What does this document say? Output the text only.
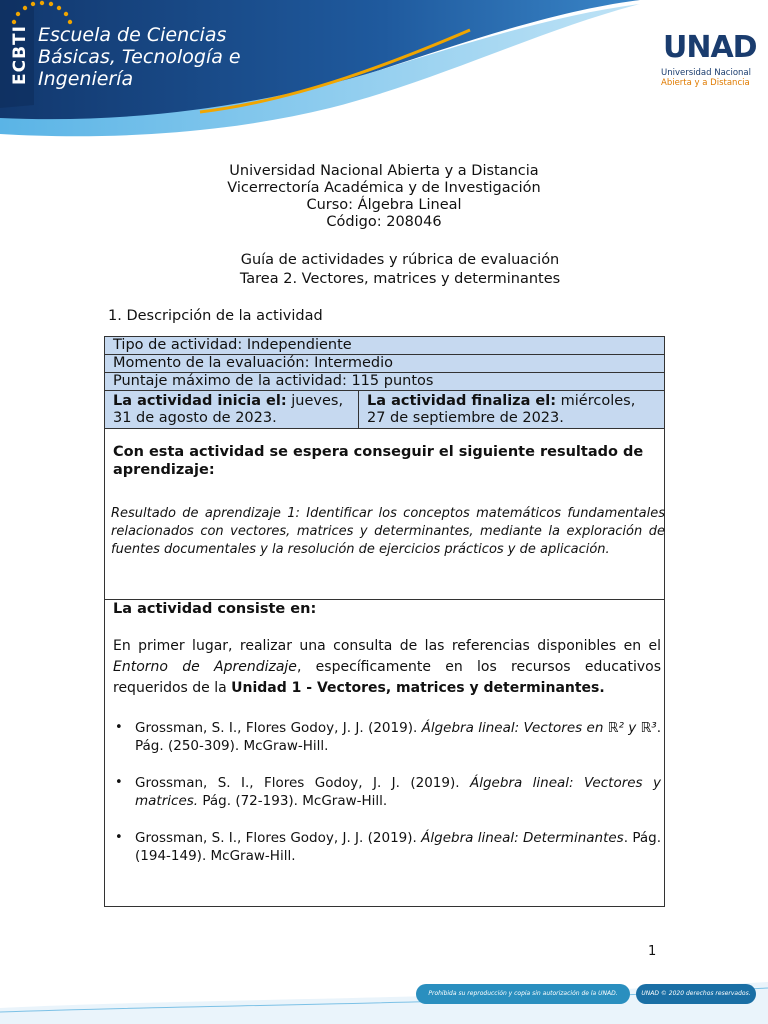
ECBTI Escuela de Ciencias
Básicas, Tecnología e
Ingeniería
UNAD
Universidad Nacional
Abierta y a Distancia
Universidad Nacional Abierta y a Distancia
Vicerrectoría Académica y de Investigación
Curso: Álgebra Lineal
Código: 208046
Guía de actividades y rúbrica de evaluación
Tarea 2. Vectores, matrices y determinantes
1. Descripción de la actividad
Tipo de actividad: Independiente
Momento de la evaluación: Intermedio
Puntaje máximo de la actividad: 115 puntos
La actividad inicia el: jueves, 31 de agosto de 2023.
La actividad finaliza el: miércoles, 27 de septiembre de 2023.
Con esta actividad se espera conseguir el siguiente resultado de aprendizaje:
Resultado de aprendizaje 1: Identificar los conceptos matemáticos fundamentales relacionados con vectores, matrices y determinantes, mediante la exploración de fuentes documentales y la resolución de ejercicios prácticos y de aplicación.
La actividad consiste en:
En primer lugar, realizar una consulta de las referencias disponibles en el Entorno de Aprendizaje, específicamente en los recursos educativos requeridos de la Unidad 1 - Vectores, matrices y determinantes.
• Grossman, S. I., Flores Godoy, J. J. (2019). Álgebra lineal: Vectores en ℝ² y ℝ³. Pág. (250-309). McGraw-Hill.
• Grossman, S. I., Flores Godoy, J. J. (2019). Álgebra lineal: Vectores y matrices. Pág. (72-193). McGraw-Hill.
• Grossman, S. I., Flores Godoy, J. J. (2019). Álgebra lineal: Determinantes. Pág. (194-149). McGraw-Hill.
1
Prohibida su reproducción y copia sin autorización de la UNAD.	UNAD © 2020 derechos reservados.
